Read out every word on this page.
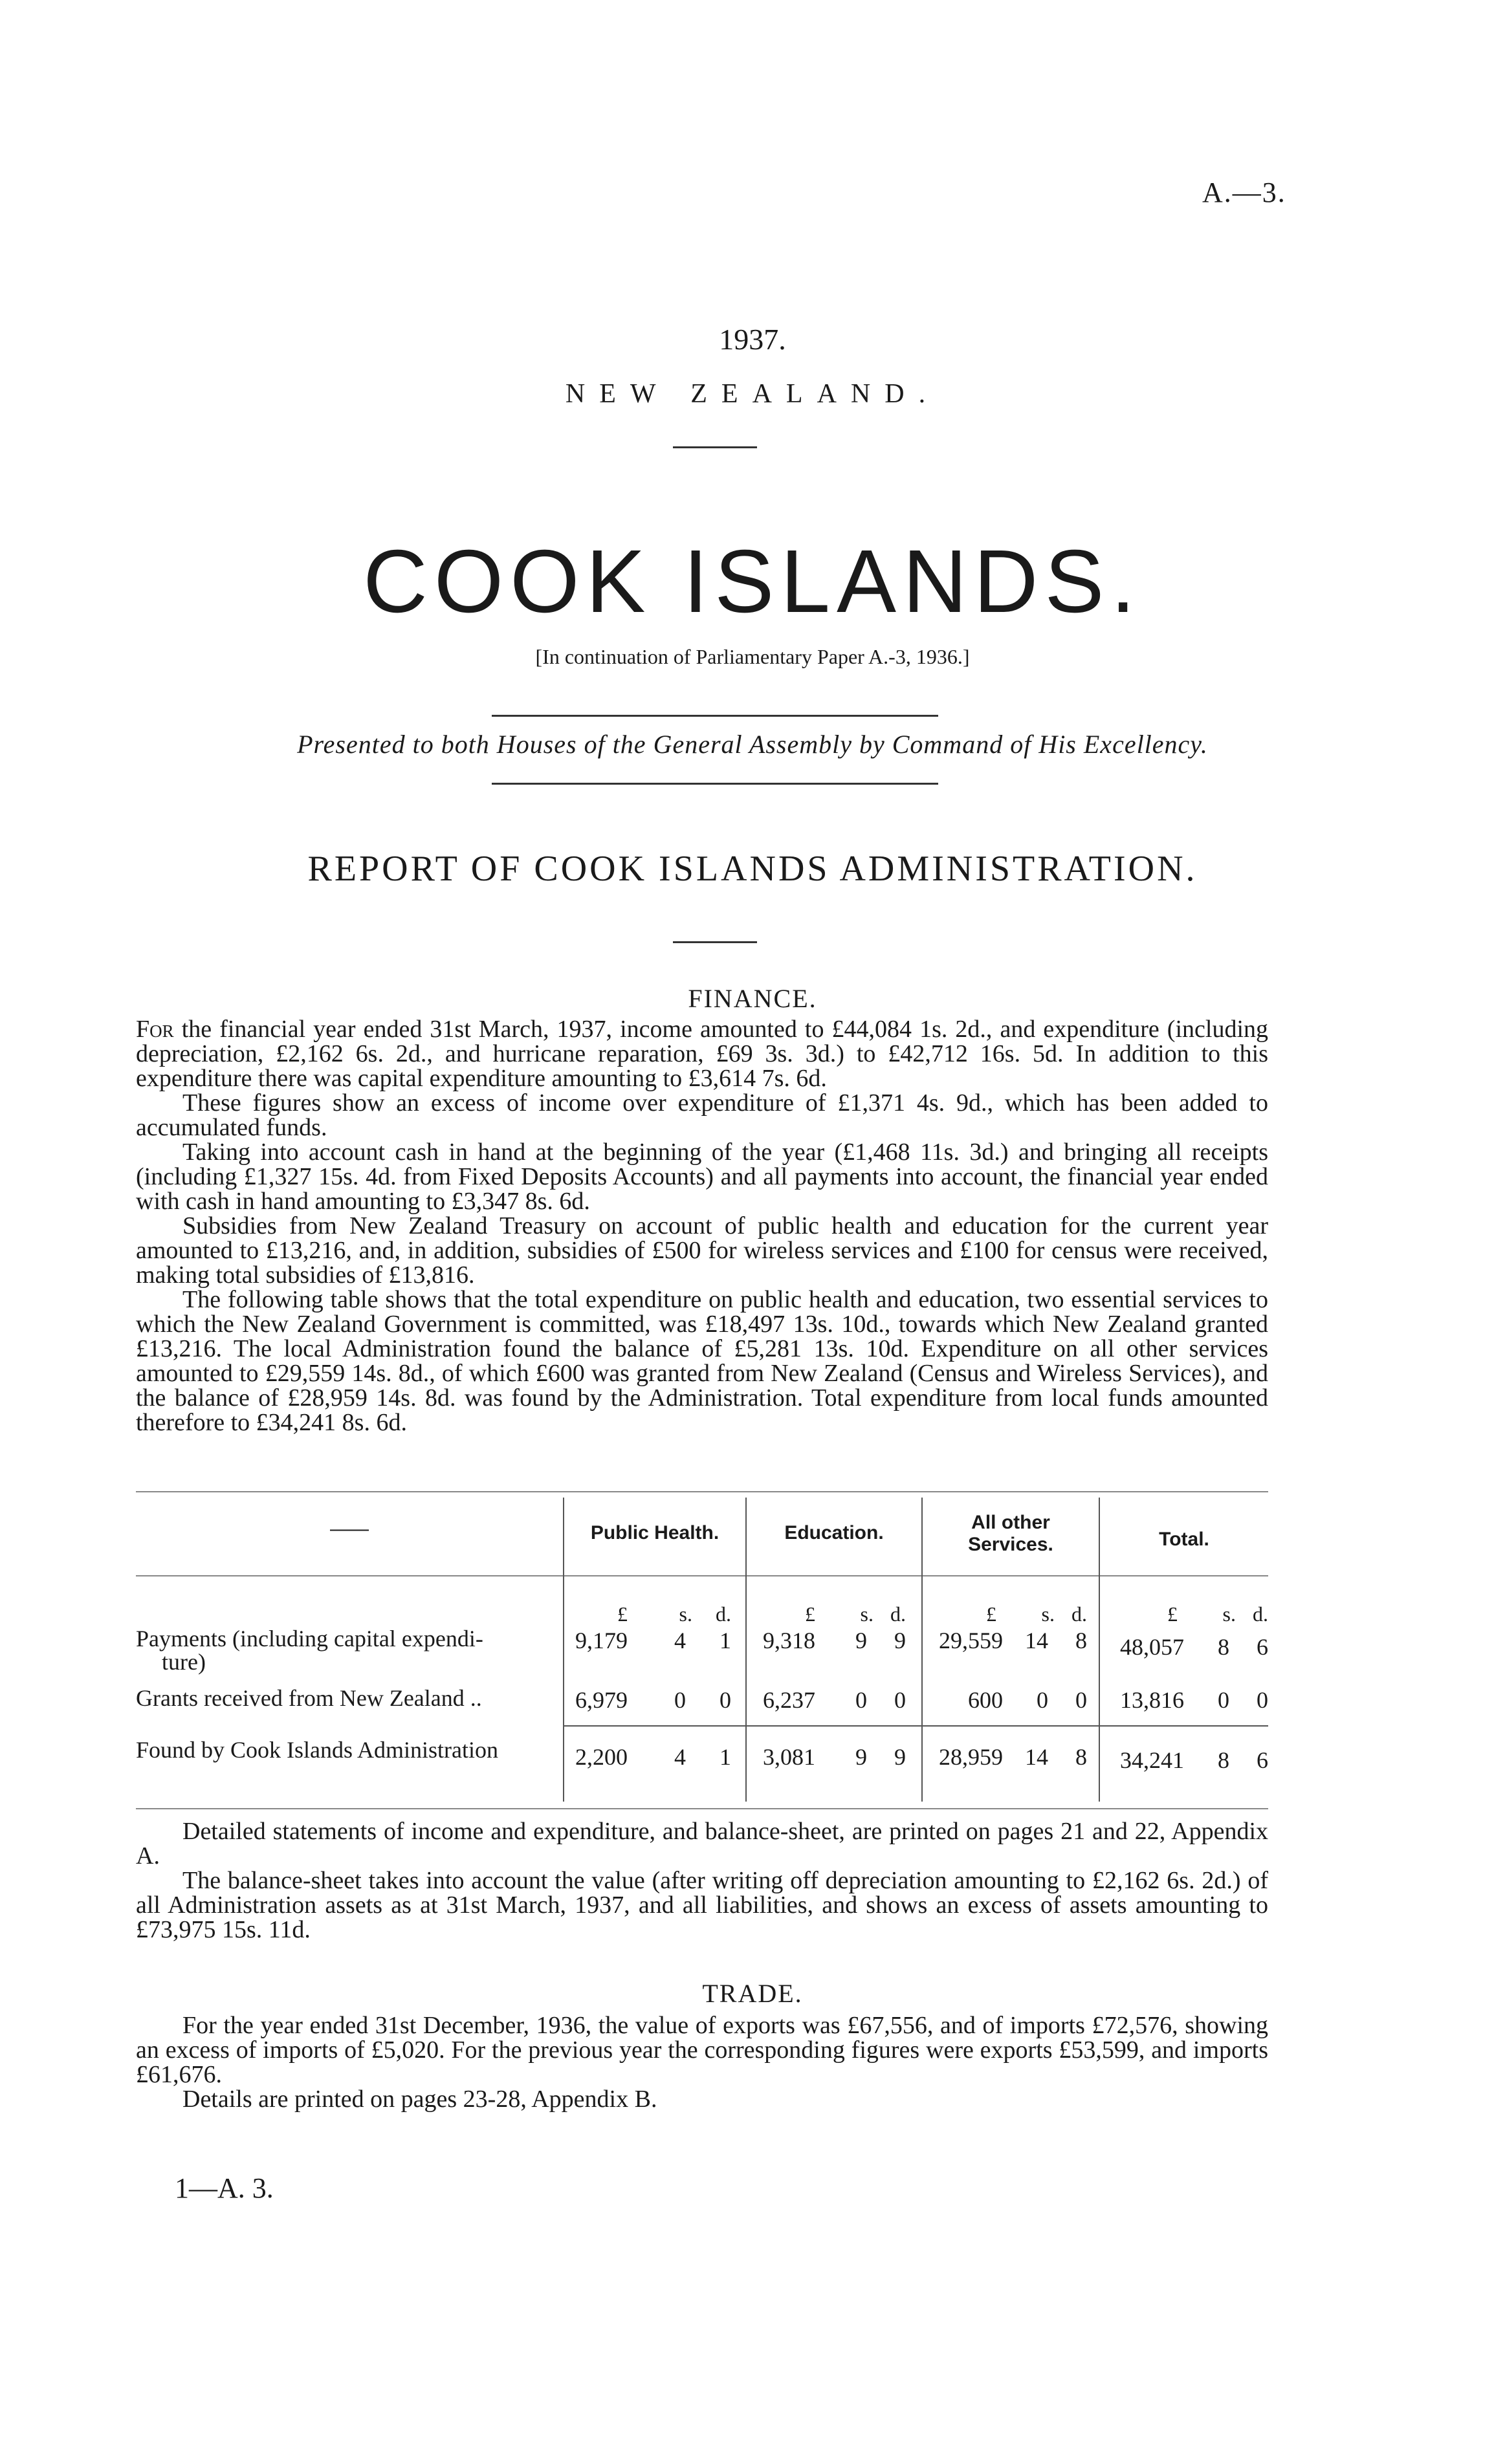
A.—3.
1937.
NEW ZEALAND.
COOK ISLANDS.
[In continuation of Parliamentary Paper A.-3, 1936.]
Presented to both Houses of the General Assembly by Command of His Excellency.
REPORT OF COOK ISLANDS ADMINISTRATION.
FINANCE.

For the financial year ended 31st March, 1937, income amounted to £44,084 1s. 2d., and expenditure (including depreciation, £2,162 6s. 2d., and hurricane reparation, £69 3s. 3d.) to £42,712 16s. 5d. In addition to this expenditure there was capital expenditure amounting to £3,614 7s. 6d.

These figures show an excess of income over expenditure of £1,371 4s. 9d., which has been added to accumulated funds.

Taking into account cash in hand at the beginning of the year (£1,468 11s. 3d.) and bringing all receipts (including £1,327 15s. 4d. from Fixed Deposits Accounts) and all payments into account, the financial year ended with cash in hand amounting to £3,347 8s. 6d.

Subsidies from New Zealand Treasury on account of public health and education for the current year amounted to £13,216, and, in addition, subsidies of £500 for wireless services and £100 for census were received, making total subsidies of £13,816.

The following table shows that the total expenditure on public health and education, two essential services to which the New Zealand Government is committed, was £18,497 13s. 10d., towards which New Zealand granted £13,216. The local Administration found the balance of £5,281 13s. 10d. Expenditure on all other services amounted to £29,559 14s. 8d., of which £600 was granted from New Zealand (Census and Wireless Services), and the balance of £28,959 14s. 8d. was found by the Administration. Total expenditure from local funds amounted therefore to £34,241 8s. 6d.

——	Public Health.	Education.	All other Services.	Total.
£	s.	d.	£	s. d.	£	s. d.	£	s. d.
Payments (including capital expendi-
ture)
9,179	4	1	9,318	9	9	29,559 14	8	48,057	8	6
Grants received from New Zealand ..	6,979	0	0	6,237	0	0	600	0	0	13,816	0	0
Found by Cook Islands Administration	2,200	4	1	3,081	9	9	28,959 14	8	34,241	8	6

Detailed statements of income and expenditure, and balance-sheet, are printed on pages 21 and 22, Appendix A.

The balance-sheet takes into account the value (after writing off depreciation amounting to £2,162 6s. 2d.) of all Administration assets as at 31st March, 1937, and all liabilities, and shows an excess of assets amounting to £73,975 15s. 11d.

TRADE.

For the year ended 31st December, 1936, the value of exports was £67,556, and of imports £72,576, showing an excess of imports of £5,020. For the previous year the corresponding figures were exports £53,599, and imports £61,676.

Details are printed on pages 23-28, Appendix B.

1—A. 3.
